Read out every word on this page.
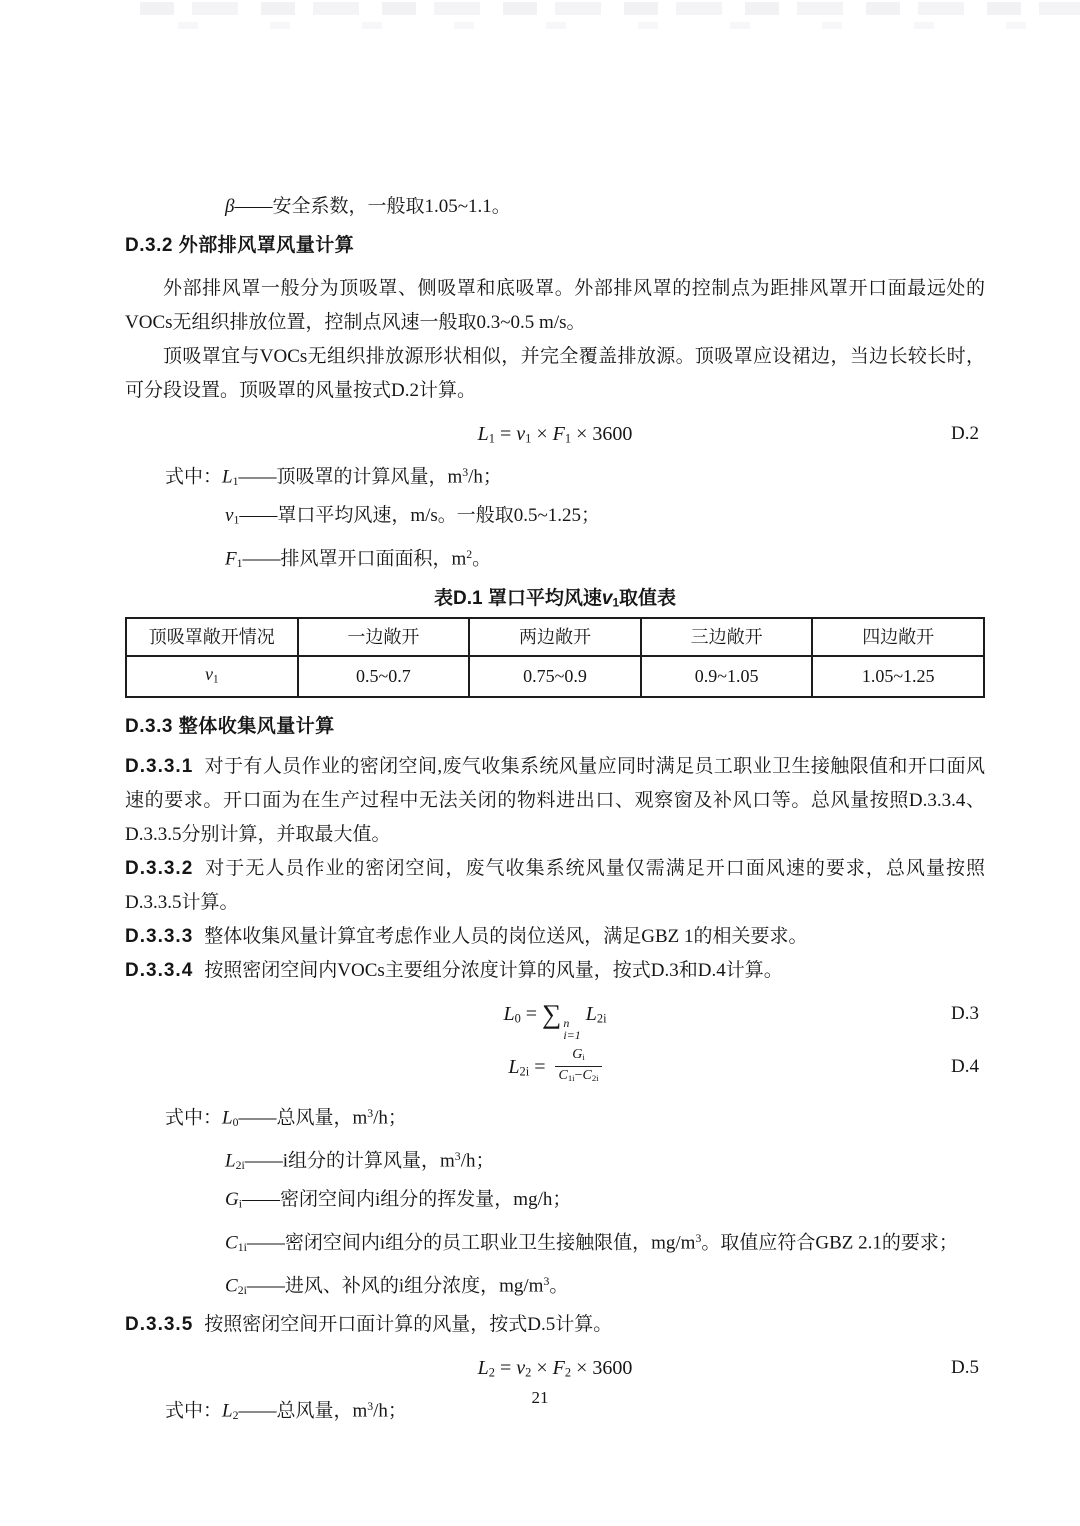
β——安全系数，一般取1.05~1.1。
D.3.2 外部排风罩风量计算

外部排风罩一般分为顶吸罩、侧吸罩和底吸罩。外部排风罩的控制点为距排风罩开口面最远处的VOCs无组织排放位置，控制点风速一般取0.3~0.5 m/s。

顶吸罩宜与VOCs无组织排放源形状相似，并完全覆盖排放源。顶吸罩应设裙边，当边长较长时，可分段设置。顶吸罩的风量按式D.2计算。

L1 = v1 × F1 × 3600	D.2
式中：L1——顶吸罩的计算风量，$m^3/h$；
v1——罩口平均风速，m/s。一般取0.5~1.25；
F1——排风罩开口面面积，$m^2$。
表D.1 罩口平均风速v1取值表
顶吸罩敞开情况	一边敞开	两边敞开	三边敞开	四边敞开
v1	0.5~0.7	0.75~0.9	0.9~1.05	1.05~1.25
D.3.3 整体收集风量计算

D.3.3.1 对于有人员作业的密闭空间,废气收集系统风量应同时满足员工职业卫生接触限值和开口面风速的要求。开口面为在生产过程中无法关闭的物料进出口、观察窗及补风口等。总风量按照D.3.3.4、D.3.3.5分别计算，并取最大值。

D.3.3.2 对于无人员作业的密闭空间，废气收集系统风量仅需满足开口面风速的要求，总风量按照D.3.3.5计算。

D.3.3.3 整体收集风量计算宜考虑作业人员的岗位送风，满足GBZ 1的相关要求。

D.3.3.4 按照密闭空间内VOCs主要组分浓度计算的风量，按式D.3和D.4计算。

L0 = ∑ n
i=1
L2i	D.3
$L2i = \frac{Gi}{C1i-C2i}$	D.4
式中：L0——总风量，$m^3/h$；
L2i——i组分的计算风量，$m^3/h$；
Gi——密闭空间内i组分的挥发量，mg/h；
C1i——密闭空间内i组分的员工职业卫生接触限值，$mg/m^3$。取值应符合GBZ 2.1的要求；
C2i——进风、补风的i组分浓度，$mg/m^3$。

D.3.3.5 按照密闭空间开口面计算的风量，按式D.5计算。

L2 = v2 × F2 × 3600	D.5
式中：L2——总风量，$m^3/h$；
21
